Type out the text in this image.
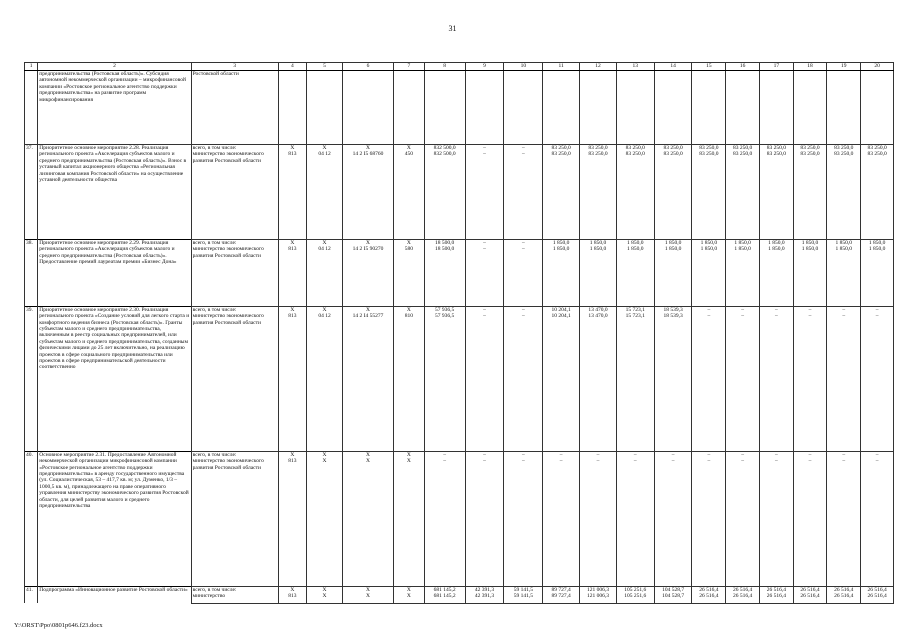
31
1	2	3	4	5	6	7	8	9	10	11	12	13	14	15	16	17	18	19	20
	предпринимательства (Ростовская область)». Субсидия автономной некоммерческой организации – микрофинансовой компании «Ростовское региональное агентство поддержки предпринимательства» на развитие программ микрофинансирования	Ростовской области																	
37.	Приоритетное основное мероприятие 2.28. Реализация регионального проекта «Акселерация субъектов малого и среднего предпринимательства (Ростовская область)». Взнос в уставный капитал акционерного общества «Региональная лизинговая компания Ростовской области» на осуществление уставной деятельности общества	всего, в том числе:	X	X	X	X	832 500,0	–	–	83 250,0	83 250,0	83 250,0	83 250,0	83 250,0	83 250,0	83 250,0	83 250,0	83 250,0	83 250,0
		министерство экономического развития Ростовской области	813	04 12	14 2 I5 68760	450	832 500,0	–	–	83 250,0	83 250,0	83 250,0	83 250,0	83 250,0	83 250,0	83 250,0	83 250,0	83 250,0	83 250,0
38.	Приоритетное основное мероприятие 2.29. Реализация регионального проекта «Акселерация субъектов малого и среднего предпринимательства (Ростовская область)». Предоставление премий лауреатам премии «Бизнес Дона»	всего, в том числе:	X	X	X	X	18 500,0	–	–	1 850,0	1 850,0	1 850,0	1 850,0	1 850,0	1 850,0	1 850,0	1 850,0	1 850,0	1 850,0
		министерство экономического развития Ростовской области	813	04 12	14 2 I5 90270	580	18 500,0	–	–	1 850,0	1 850,0	1 850,0	1 850,0	1 850,0	1 850,0	1 850,0	1 850,0	1 850,0	1 850,0
39.	Приоритетное основное мероприятие 2.30. Реализация регионального проекта «Создание условий для легкого старта и комфортного ведения бизнеса (Ростовская область)». Гранты субъектам малого и среднего предпринимательства, включенным в реестр социальных предпринимателей, или субъектам малого и среднего предпринимательства, созданным физическими лицами до 25 лет включительно, на реализацию проектов в сфере социального предпринимательства или проектов в сфере предпринимательской деятельности соответственно	всего, в том числе:	X	X	X	X	57 936,5	–	–	10 204,1	13 470,0	15 723,1	18 539,3	–	–	–	–	–	–
		министерство экономического развития Ростовской области	813	04 12	14 2 I4 55277	810	57 936,5	–	–	10 204,1	13 470,0	15 723,1	18 539,3	–	–	–	–	–	–
40.	Основное мероприятие 2.31. Предоставление Автономной некоммерческой организации микрофинансовой компании «Ростовское региональное агентство поддержки предпринимательства» в аренду государственного имущества (ул. Социалистическая, 53 – 417,7 кв. м; ул. Думенко, 1/3 – 1000,5 кв. м), принадлежащего на праве оперативного управления министерству экономического развития Ростовской области, для целей развития малого и среднего предпринимательства	всего, в том числе:	X	X	X	X	–	–	–	–	–	–	–	–	–	–	–	–	–
		министерство экономического развития Ростовской области	813	X	X	X	–	–	–	–	–	–	–	–	–	–	–	–	–
41.	Подпрограмма «Инновационное развитие Ростовской области»	всего, в том числе:	X	X	X	X	681 145,2	42 391,3	59 141,5	89 727,4	121 006,3	105 251,6	104 528,7	26 516,4	26 516,4	26 516,4	26 516,4	26 516,4	26 516,4
		министерство	813	X	X	X	681 145,2	42 391,3	59 141,5	89 727,4	121 006,3	105 251,6	104 528,7	26 516,4	26 516,4	26 516,4	26 516,4	26 516,4	26 516,4
Y:\ORST\Ppo\0801p646.f23.docx
